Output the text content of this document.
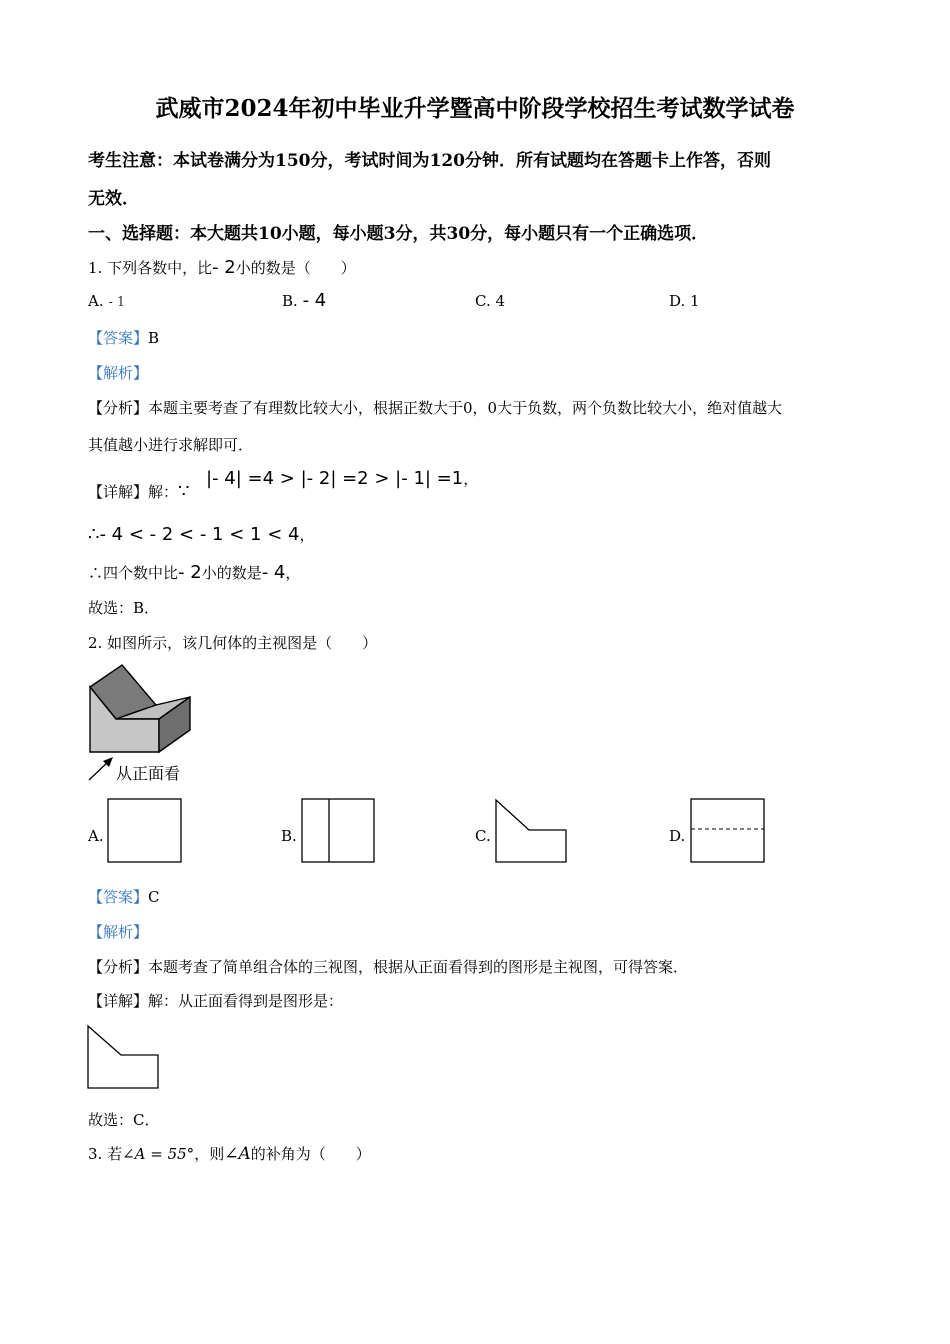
武威市2024年初中毕业升学暨高中阶段学校招生考试数学试卷
考生注意：本试卷满分为150分，考试时间为120分钟．所有试题均在答题卡上作答，否则
无效．
一、选择题：本大题共10小题，每小题3分，共30分，每小题只有一个正确选项．
1. 下列各数中，比- 2小的数是（　　）
A. - 1	B. - 4	C. 4	D. 1
【答案】B
【解析】
【分析】本题主要考查了有理数比较大小，根据正数大于0，0大于负数，两个负数比较大小，绝对值越大
其值越小进行求解即可．
【详解】解：∵
|- 4| =4 > |- 2| =2 > |- 1| =1，
∴- 4 < - 2 < - 1 < 1 < 4，
∴四个数中比- 2小的数是- 4，
故选：B．
2. 如图所示，该几何体的主视图是（　　）
从正面看
A.	B.	C.	D.
【答案】C
【解析】
【分析】本题考查了简单组合体的三视图，根据从正面看得到的图形是主视图，可得答案．
【详解】解：从正面看得到是图形是：
故选：C．
3. 若∠A = 55°，则∠A的补角为（　　）
